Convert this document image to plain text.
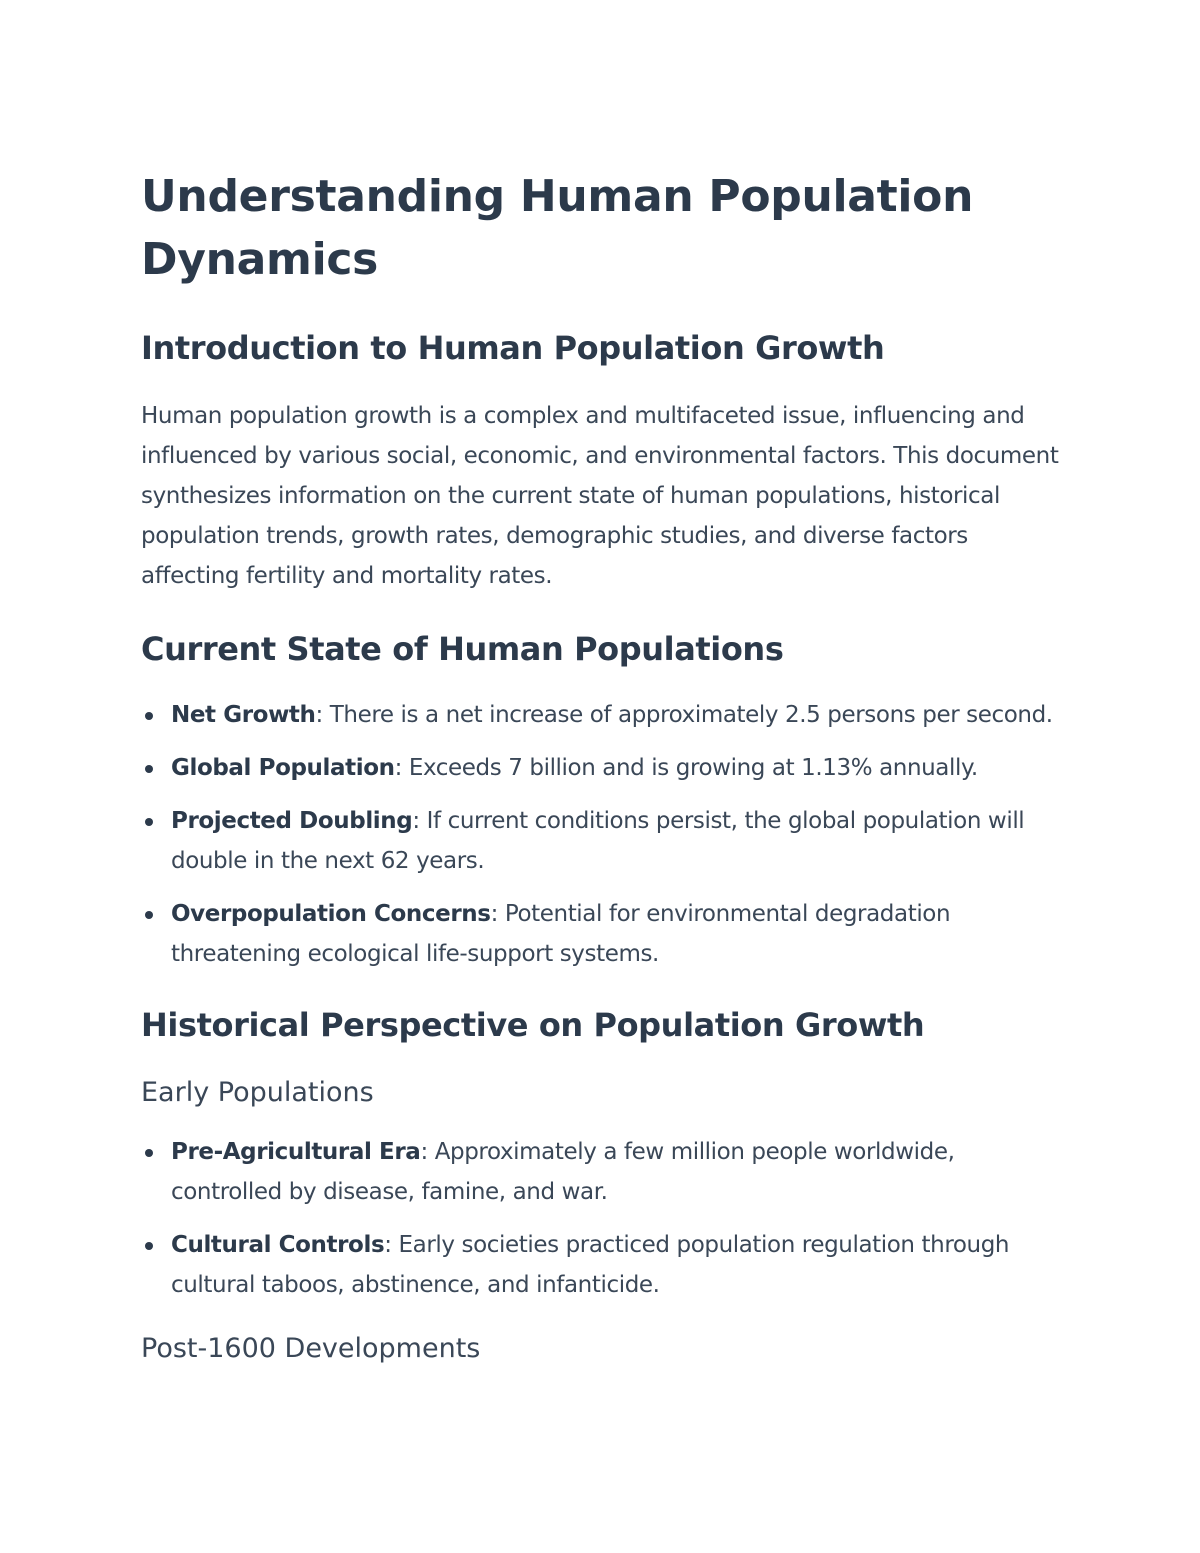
Understanding Human Population Dynamics
Introduction to Human Population Growth

Human population growth is a complex and multifaceted issue, influencing and influenced by various social, economic, and environmental factors. This document synthesizes information on the current state of human populations, historical population trends, growth rates, demographic studies, and diverse factors affecting fertility and mortality rates.

Current State of Human Populations
Net Growth: There is a net increase of approximately 2.5 persons per second.
Global Population: Exceeds 7 billion and is growing at 1.13% annually.
Projected Doubling: If current conditions persist, the global population will double in the next 62 years.
Overpopulation Concerns: Potential for environmental degradation threatening ecological life-support systems.
Historical Perspective on Population Growth
Early Populations
Pre-Agricultural Era: Approximately a few million people worldwide, controlled by disease, famine, and war.
Cultural Controls: Early societies practiced population regulation through cultural taboos, abstinence, and infanticide.
Post-1600 Developments
